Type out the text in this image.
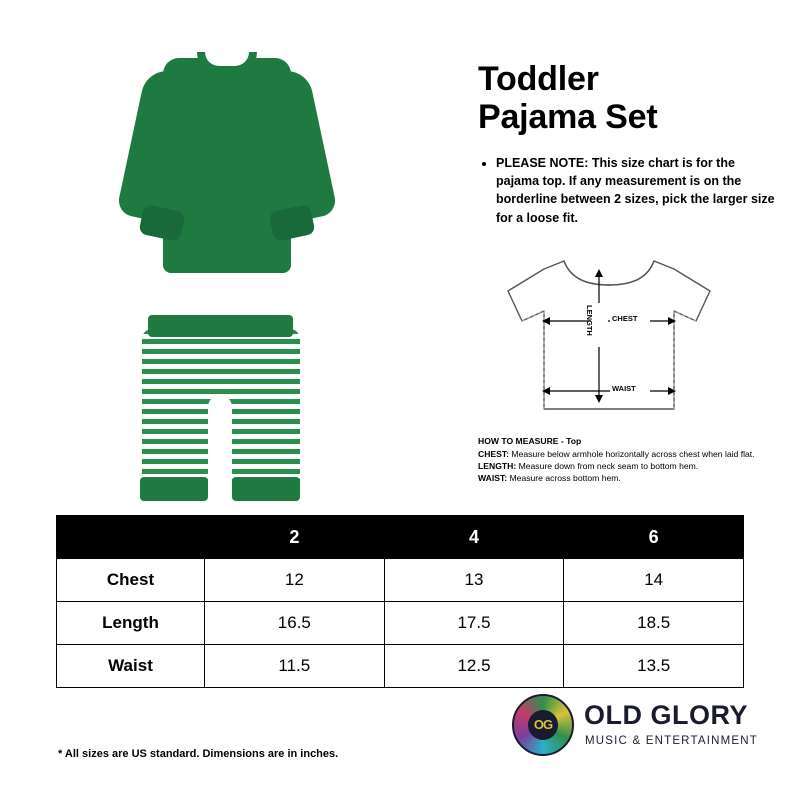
Toddler
Pajama Set
• PLEASE NOTE: This size chart is for the pajama top. If any measurement is on the borderline between 2 sizes, pick the larger size for a loose fit.
LENGTH CHEST
WAIST
HOW TO MEASURE - Top
CHEST: Measure below armhole horizontally across chest when laid flat.
LENGTH: Measure down from neck seam to bottom hem.
WAIST: Measure across bottom hem.
	2	4	6
Chest	12	13	14
Length	16.5	17.5	18.5
Waist	11.5	12.5	13.5
* All sizes are US standard. Dimensions are in inches.
OG OLD GLORY
MUSIC & ENTERTAINMENT
